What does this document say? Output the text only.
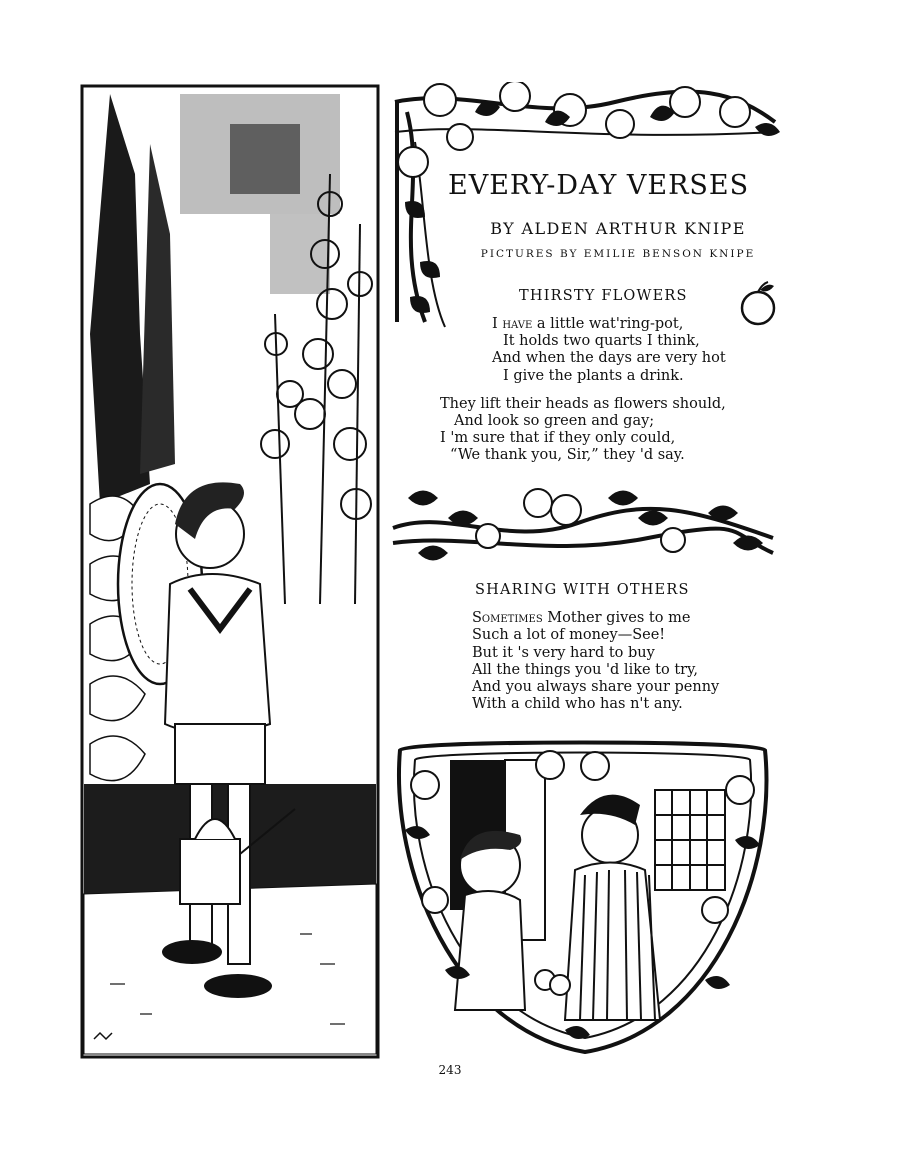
EVERY-DAY VERSES
BY ALDEN ARTHUR KNIPE
PICTURES BY EMILIE BENSON KNIPE
THIRSTY FLOWERS
I have a little wat'ring-pot,
It holds two quarts I think,
And when the days are very hot
I give the plants a drink.
They lift their heads as flowers should,
And look so green and gay;
I 'm sure that if they only could,
“We thank you, Sir,” they 'd say.
SHARING WITH OTHERS
Sometimes Mother gives to me
Such a lot of money—See!
But it 's very hard to buy
All the things you 'd like to try,
And you always share your penny
With a child who has n't any.
243
